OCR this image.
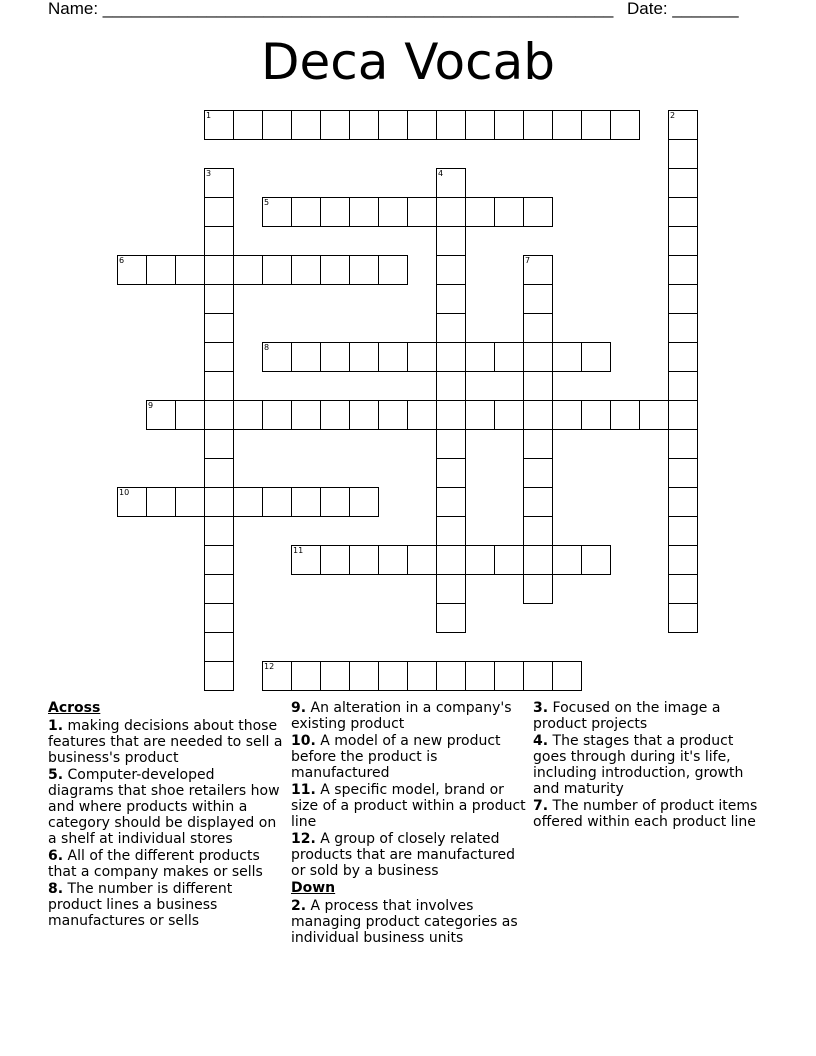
Name: ______________________________________________________ Date: _______
Deca Vocab
1	2
3	4
5
6	7
8
9
10
11
12
Across
1. making decisions about those features that are needed to sell a business's product
5. Computer-developed diagrams that shoe retailers how and where products within a category should be displayed on a shelf at individual stores
6. All of the different products that a company makes or sells
8. The number is different product lines a business manufactures or sells
9. An alteration in a company's existing product
10. A model of a new product before the product is manufactured
11. A specific model, brand or size of a product within a product line
12. A group of closely related products that are manufactured or sold by a business
Down
2. A process that involves managing product categories as individual business units
3. Focused on the image a product projects
4. The stages that a product goes through during it's life, including introduction, growth and maturity
7. The number of product items offered within each product line
